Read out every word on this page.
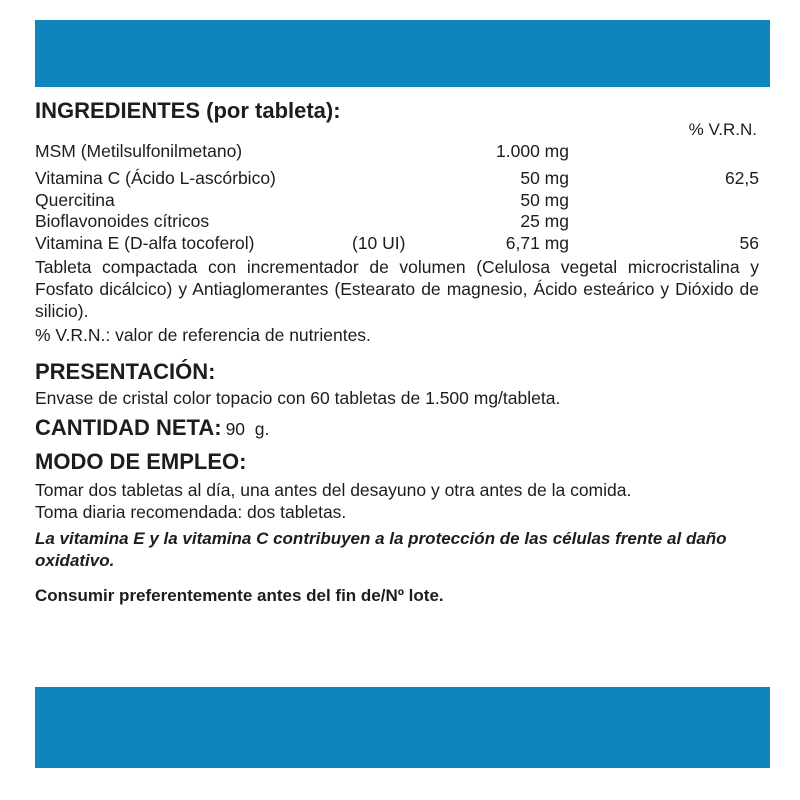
INGREDIENTES (por tableta):
% V.R.N.
MSM (Metilsulfonilmetano)	1.000 mg
Vitamina C (Ácido L-ascórbico)	50 mg	62,5
Quercitina	50 mg
Bioflavonoides cítricos	25 mg
Vitamina E (D-alfa tocoferol)	(10 UI)	6,71 mg	56

Tableta compactada con incrementador de volumen (Celulosa vegetal microcristalina y Fosfato dicálcico) y Antiaglomerantes (Estearato de magnesio, Ácido esteárico y Dióxido de silicio).

% V.R.N.: valor de referencia de nutrientes.

PRESENTACIÓN:

Envase de cristal color topacio con 60 tabletas de 1.500 mg/tableta.

CANTIDAD NETA: 90  g.
MODO DE EMPLEO:

Tomar dos tabletas al día, una antes del desayuno y otra antes de la comida.

Toma diaria recomendada: dos tabletas.

La vitamina E y la vitamina C contribuyen a la protección de las células frente al daño oxidativo.

Consumir preferentemente antes del fin de/Nº lote.
